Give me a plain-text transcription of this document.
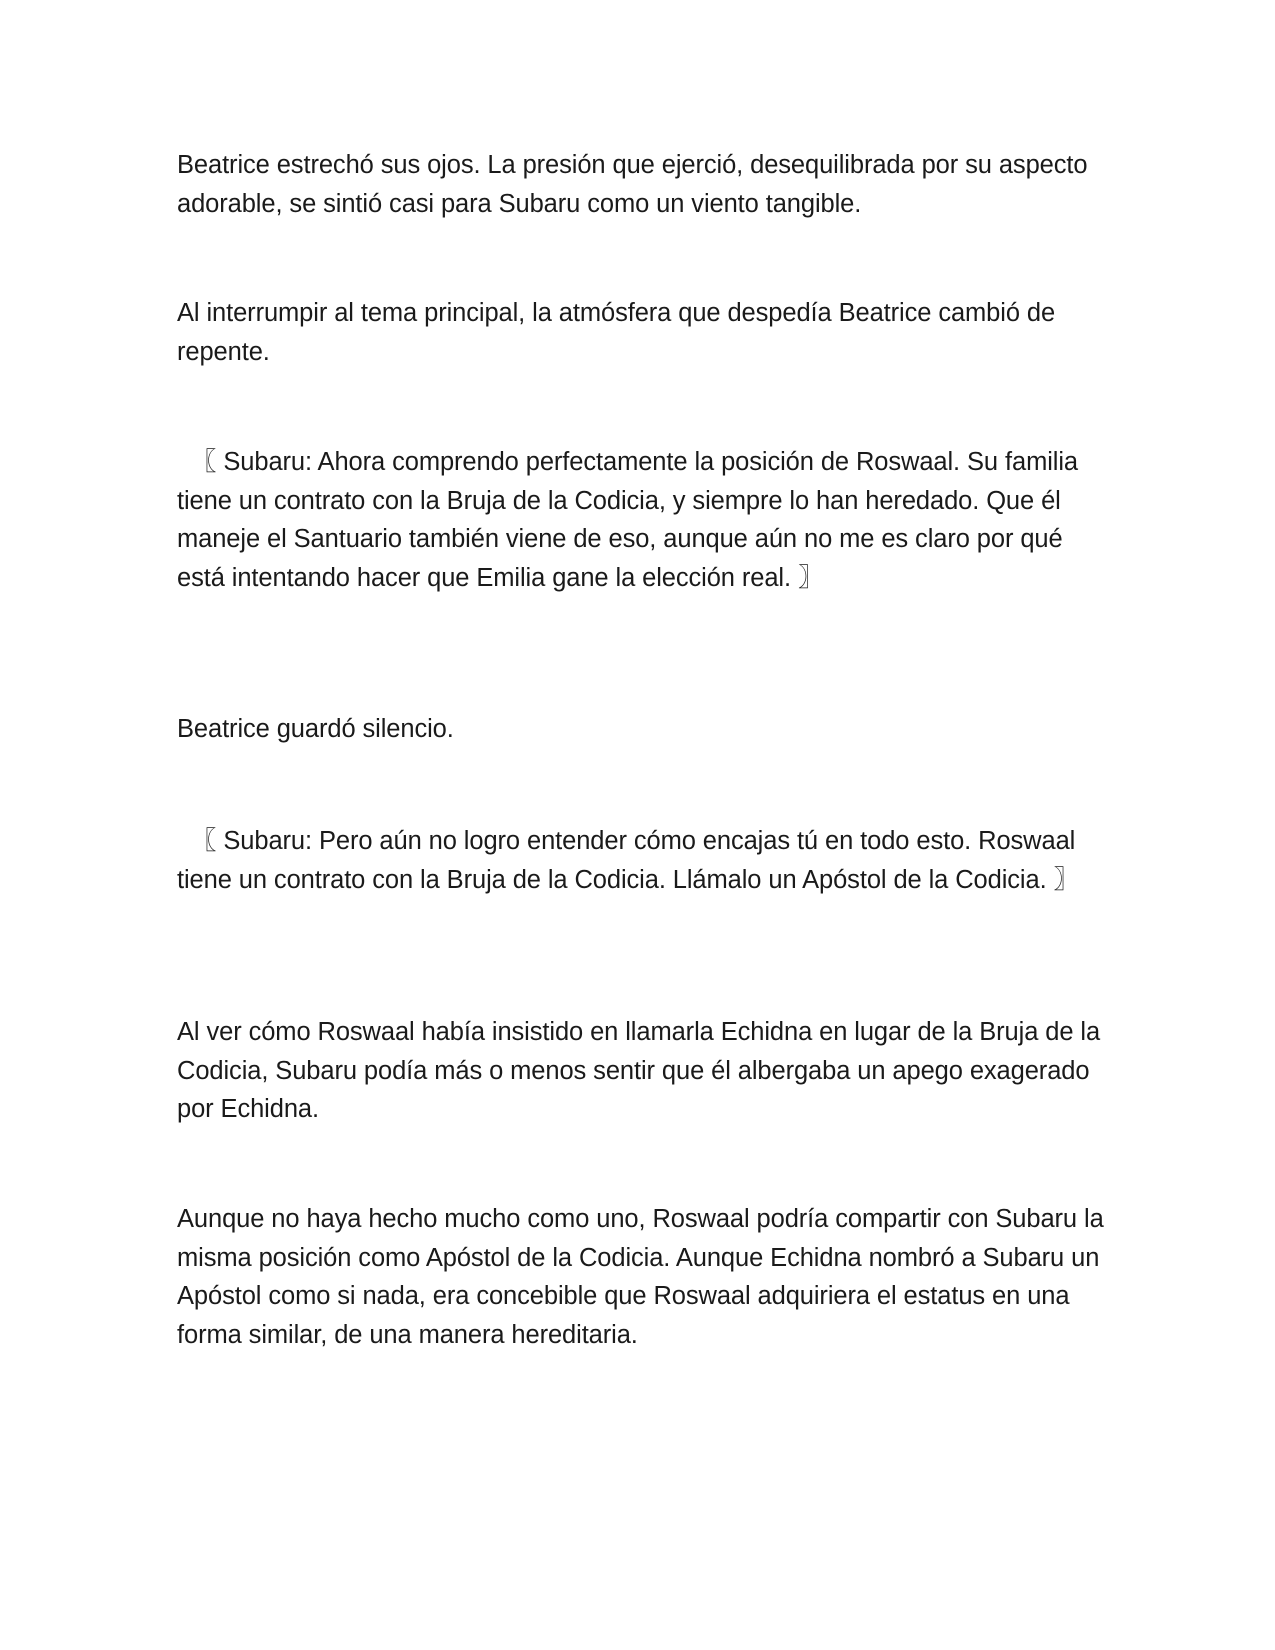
Beatrice estrechó sus ojos. La presión que ejerció, desequilibrada por su aspecto adorable, se sintió casi para Subaru como un viento tangible.

Al interrumpir al tema principal, la atmósfera que despedía Beatrice cambió de repente.

〖 Subaru: Ahora comprendo perfectamente la posición de Roswaal. Su familia tiene un contrato con la Bruja de la Codicia, y siempre lo han heredado. Que él maneje el Santuario también viene de eso, aunque aún no me es claro por qué está intentando hacer que Emilia gane la elección real. 〗

Beatrice guardó silencio.

〖 Subaru: Pero aún no logro entender cómo encajas tú en todo esto. Roswaal tiene un contrato con la Bruja de la Codicia. Llámalo un Apóstol de la Codicia. 〗

Al ver cómo Roswaal había insistido en llamarla Echidna en lugar de la Bruja de la Codicia, Subaru podía más o menos sentir que él albergaba un apego exagerado por Echidna.

Aunque no haya hecho mucho como uno, Roswaal podría compartir con Subaru la misma posición como Apóstol de la Codicia. Aunque Echidna nombró a Subaru un Apóstol como si nada, era concebible que Roswaal adquiriera el estatus en una forma similar, de una manera hereditaria.
